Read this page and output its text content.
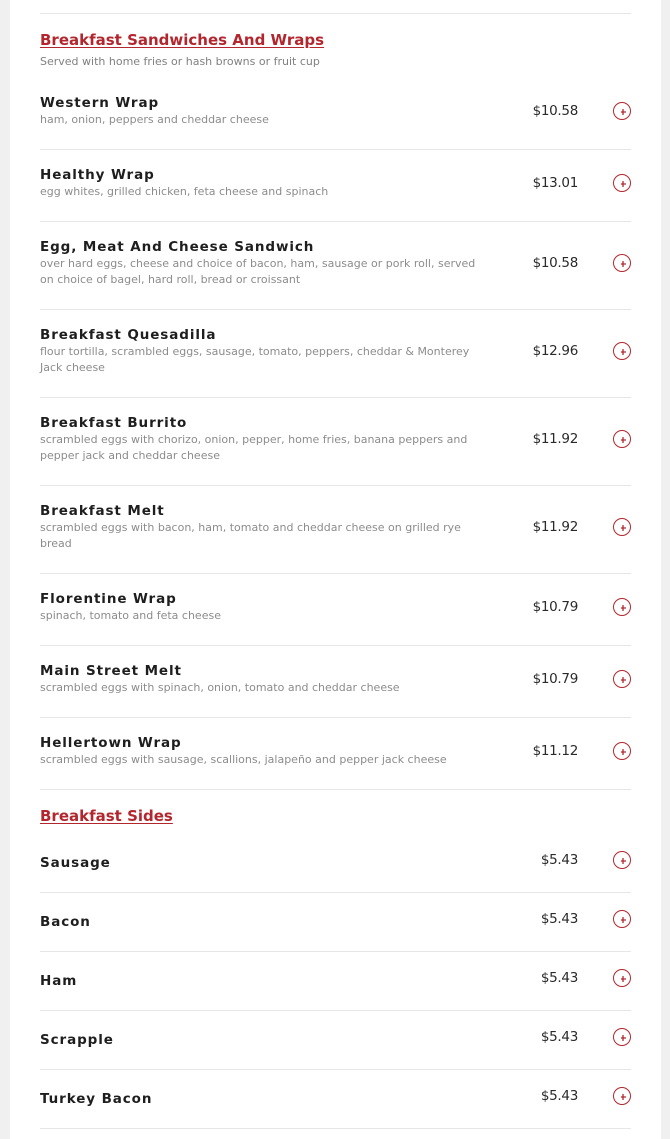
Breakfast Sandwiches And Wraps
Served with home fries or hash browns or fruit cup
Western Wrap
ham, onion, peppers and cheddar cheese
$10.58
Healthy Wrap
egg whites, grilled chicken, feta cheese and spinach
$13.01
Egg, Meat And Cheese Sandwich
over hard eggs, cheese and choice of bacon, ham, sausage or pork roll, served on choice of bagel, hard roll, bread or croissant
$10.58
Breakfast Quesadilla
flour tortilla, scrambled eggs, sausage, tomato, peppers, cheddar & Monterey Jack cheese
$12.96
Breakfast Burrito
scrambled eggs with chorizo, onion, pepper, home fries, banana peppers and pepper jack and cheddar cheese
$11.92
Breakfast Melt
scrambled eggs with bacon, ham, tomato and cheddar cheese on grilled rye bread
$11.92
Florentine Wrap
spinach, tomato and feta cheese
$10.79
Main Street Melt
scrambled eggs with spinach, onion, tomato and cheddar cheese
$10.79
Hellertown Wrap
scrambled eggs with sausage, scallions, jalapeño and pepper jack cheese
$11.12
Breakfast Sides
Sausage	$5.43
Bacon	$5.43
Ham	$5.43
Scrapple	$5.43
Turkey Bacon	$5.43
